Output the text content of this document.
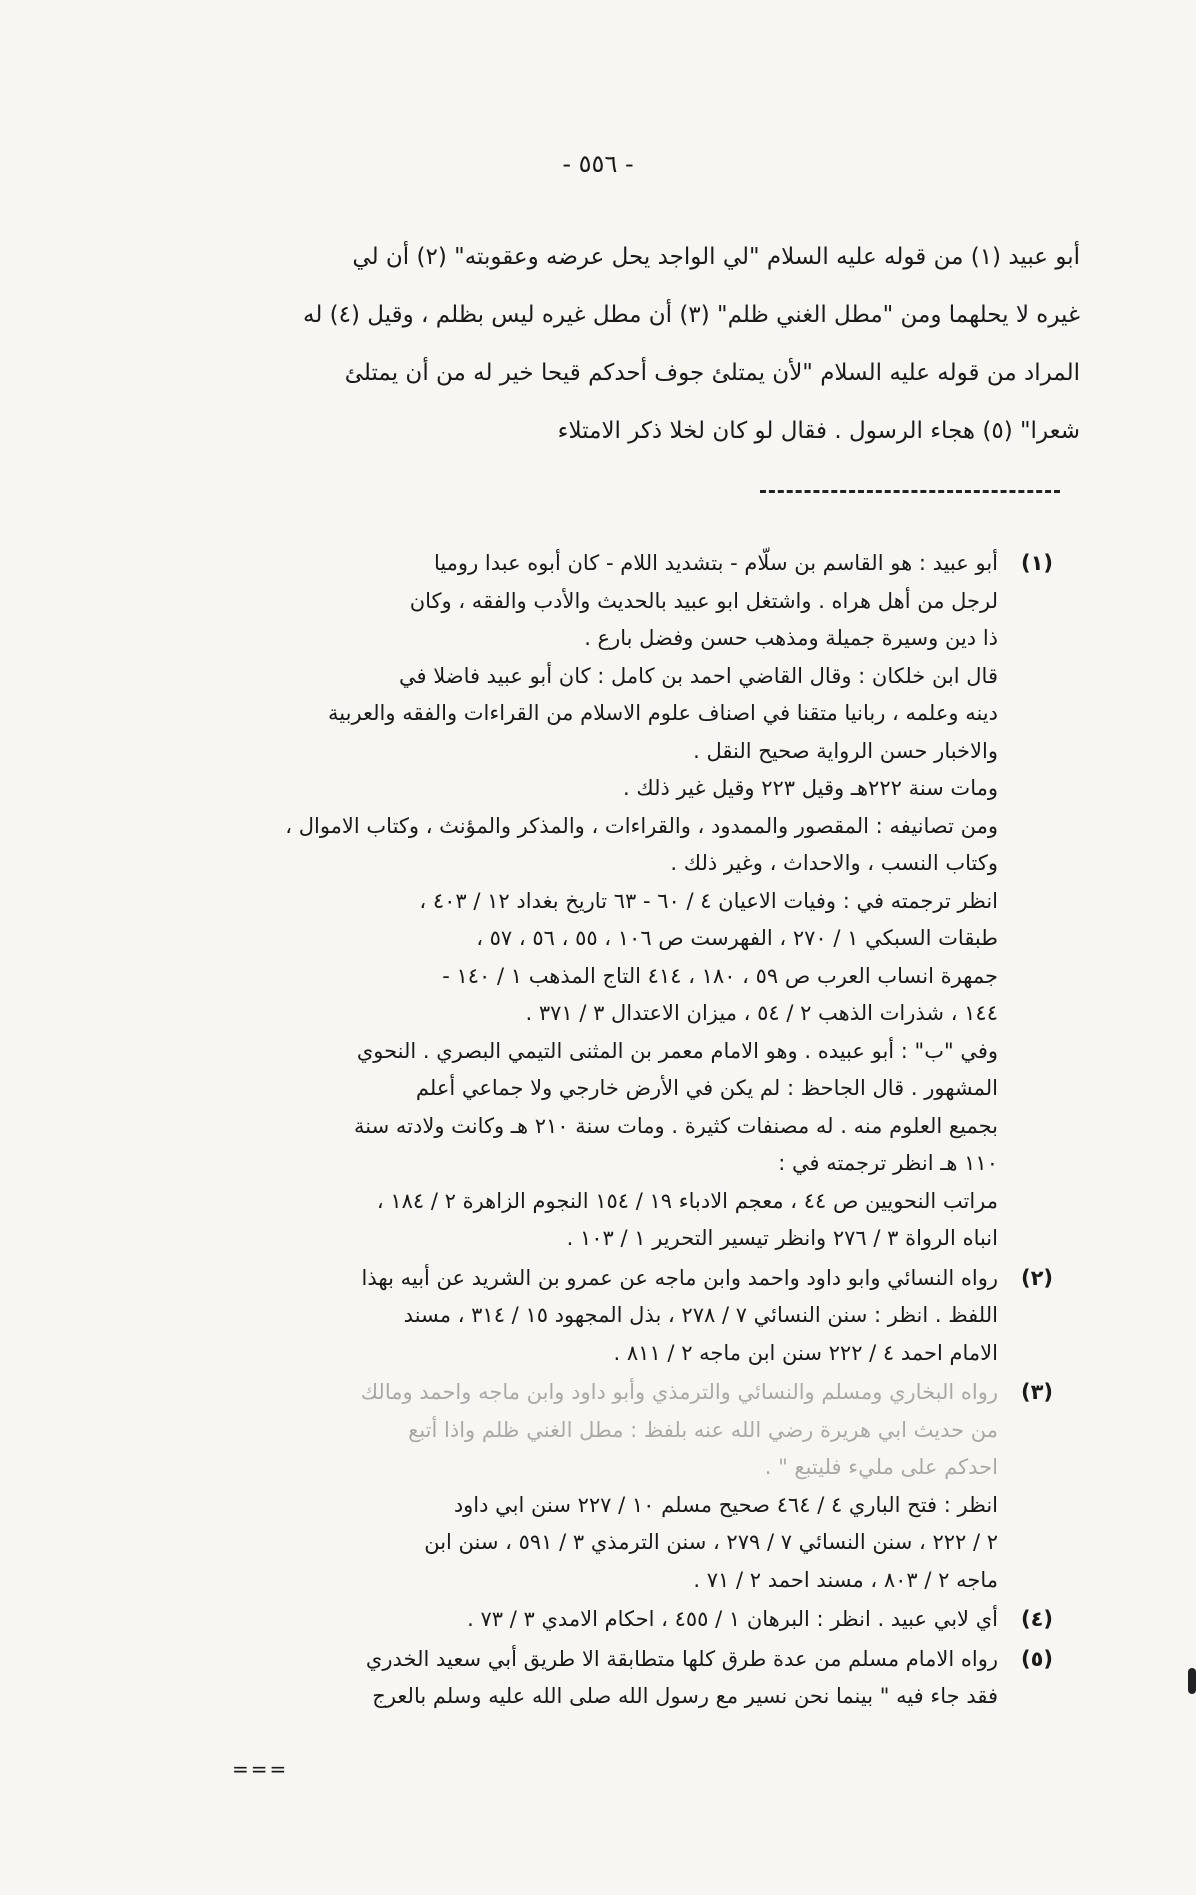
- ٥٥٦ -

أبو عبيد (١) من قوله عليه السلام "لي الواجد يحل عرضه وعقوبته" (٢) أن لي

غيره لا يحلهما ومن "مطل الغني ظلم" (٣) أن مطل غيره ليس بظلم ، وقيل (٤) له

المراد من قوله عليه السلام "لأن يمتلئ جوف أحدكم قيحا خير له من أن يمتلئ

شعرا" (٥) هجاء الرسول . فقال لو كان لخلا ذكر الامتلاء

(١)
أبو عبيد : هو القاسم بن سلّام - بتشديد اللام - كان أبوه عبدا روميا
لرجل من أهل هراه . واشتغل ابو عبيد بالحديث والأدب والفقه ، وكان
ذا دين وسيرة جميلة ومذهب حسن وفضل بارع .
قال ابن خلكان : وقال القاضي احمد بن كامل : كان أبو عبيد فاضلا في
دينه وعلمه ، ربانيا متقنا في اصناف علوم الاسلام من القراءات والفقه والعربية
والاخبار حسن الرواية صحيح النقل .
ومات سنة ٢٢٢هـ وقيل ٢٢٣ وقيل غير ذلك .
ومن تصانيفه : المقصور والممدود ، والقراءات ، والمذكر والمؤنث ، وكتاب الاموال ،
وكتاب النسب ، والاحداث ، وغير ذلك .
انظر ترجمته في : وفيات الاعيان ٤ / ٦٠ - ٦٣ تاريخ بغداد ١٢ / ٤٠٣ ،
طبقات السبكي ١ / ٢٧٠ ، الفهرست ص ١٠٦ ، ٥٥ ، ٥٦ ، ٥٧ ،
جمهرة انساب العرب ص ٥٩ ، ١٨٠ ، ٤١٤ التاج المذهب ١ / ١٤٠ -
١٤٤ ، شذرات الذهب ٢ / ٥٤ ، ميزان الاعتدال ٣ / ٣٧١ .
وفي "ب" : أبو عبيده . وهو الامام معمر بن المثنى التيمي البصري . النحوي
المشهور . قال الجاحظ : لم يكن في الأرض خارجي ولا جماعي أعلم
بجميع العلوم منه . له مصنفات كثيرة . ومات سنة ٢١٠ هـ وكانت ولادته سنة
١١٠ هـ انظر ترجمته في :
مراتب النحويين ص ٤٤ ، معجم الادباء ١٩ / ١٥٤ النجوم الزاهرة ٢ / ١٨٤ ،
انباه الرواة ٣ / ٢٧٦ وانظر تيسير التحرير ١ / ١٠٣ .
(٢)
رواه النسائي وابو داود واحمد وابن ماجه عن عمرو بن الشريد عن أبيه بهذا
اللفظ . انظر : سنن النسائي ٧ / ٢٧٨ ، بذل المجهود ١٥ / ٣١٤ ، مسند
الامام احمد ٤ / ٢٢٢ سنن ابن ماجه ٢ / ٨١١ .
(٣)
رواه البخاري ومسلم والنسائي والترمذي وأبو داود وابن ماجه واحمد ومالك
من حديث ابي هريرة رضي الله عنه بلفظ : مطل الغني ظلم واذا أتبع
احدكم على مليء فليتبع " .
انظر : فتح الباري ٤ / ٤٦٤ صحيح مسلم ١٠ / ٢٢٧ سنن ابي داود
٢ / ٢٢٢ ، سنن النسائي ٧ / ٢٧٩ ، سنن الترمذي ٣ / ٥٩١ ، سنن ابن
ماجه ٢ / ٨٠٣ ، مسند احمد ٢ / ٧١ .
(٤)
أي لابي عبيد . انظر : البرهان ١ / ٤٥٥ ، احكام الامدي ٣ / ٧٣ .
(٥)
رواه الامام مسلم من عدة طرق كلها متطابقة الا طريق أبي سعيد الخدري
فقد جاء فيه " بينما نحن نسير مع رسول الله صلى الله عليه وسلم بالعرج
===
